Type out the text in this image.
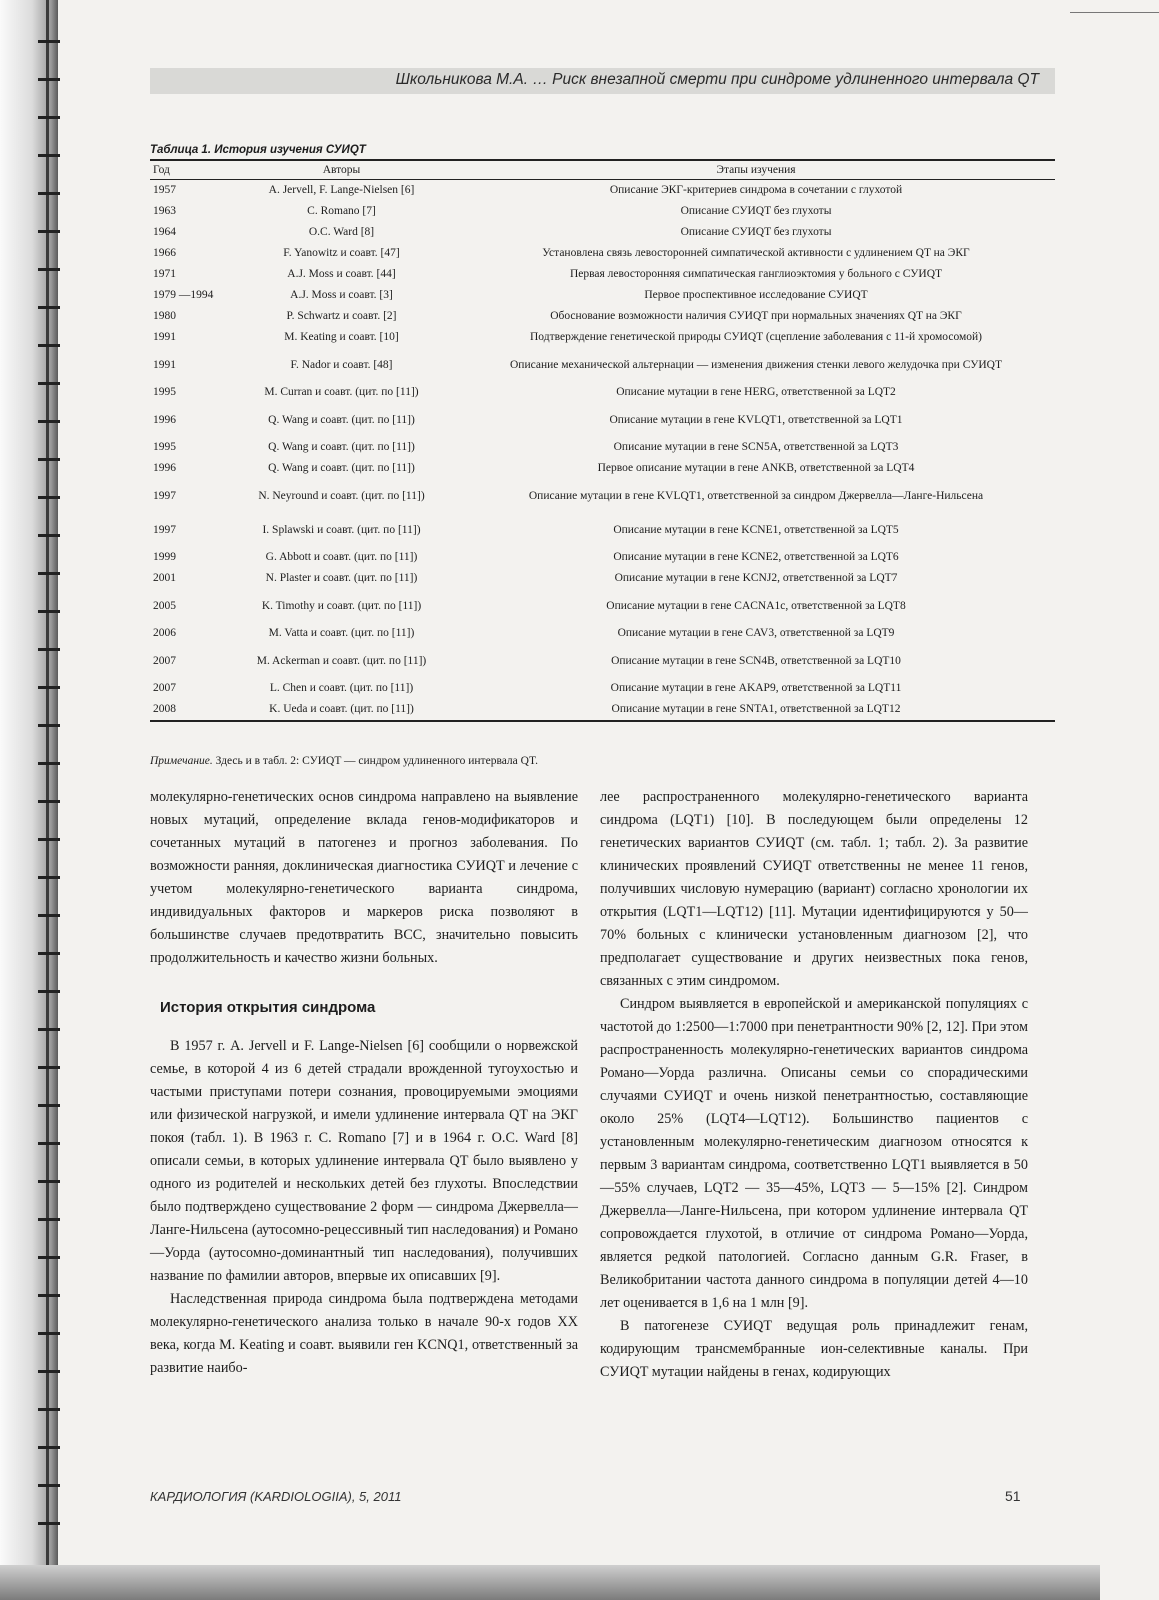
Школьникова М.А. … Риск внезапной смерти при синдроме удлиненного интервала QT
Таблица 1. История изучения СУИQT
Год	Авторы	Этапы изучения
1957	A. Jervell, F. Lange-Nielsen [6]	Описание ЭКГ-критериев синдрома в сочетании с глухотой
1963	C. Romano [7]	Описание СУИQT без глухоты
1964	O.C. Ward [8]	Описание СУИQT без глухоты
1966	F. Yanowitz и соавт. [47]	Установлена связь левосторонней симпатической активности с удлинением QT на ЭКГ
1971	A.J. Moss и соавт. [44]	Первая левосторонняя симпатическая ганглиоэктомия у больного с СУИQT
1979 —1994	A.J. Moss и соавт. [3]	Первое проспективное исследование СУИQT
1980	P. Schwartz и соавт. [2]	Обоснование возможности наличия СУИQT при нормальных значениях QT на ЭКГ
1991	M. Keating и соавт. [10]	Подтверждение генетической природы СУИQT (сцепление заболевания с 11-й хромосомой)
1991	F. Nador и соавт. [48]	Описание механической альтернации — изменения движения стенки левого желудочка при СУИQT
1995	M. Curran и соавт. (цит. по [11])	Описание мутации в гене HERG, ответственной за LQT2
1996	Q. Wang и соавт. (цит. по [11])	Описание мутации в гене KVLQT1, ответственной за LQT1
1995	Q. Wang и соавт. (цит. по [11])	Описание мутации в гене SCN5A, ответственной за LQT3
1996	Q. Wang и соавт. (цит. по [11])	Первое описание мутации в гене ANKB, ответственной за LQT4
1997	N. Neyround и соавт. (цит. по [11])	Описание мутации в гене KVLQT1, ответственной за синдром Джервелла—Ланге-Нильсена
1997	I. Splawski и соавт. (цит. по [11])	Описание мутации в гене KCNE1, ответственной за LQT5
1999	G. Abbott и соавт. (цит. по [11])	Описание мутации в гене KCNE2, ответственной за LQT6
2001	N. Plaster и соавт. (цит. по [11])	Описание мутации в гене KCNJ2, ответственной за LQT7
2005	K. Timothy и соавт. (цит. по [11])	Описание мутации в гене CACNA1c, ответственной за LQT8
2006	M. Vatta и соавт. (цит. по [11])	Описание мутации в гене CAV3, ответственной за LQT9
2007	M. Ackerman и соавт. (цит. по [11])	Описание мутации в гене SCN4B, ответственной за LQT10
2007	L. Chen и соавт. (цит. по [11])	Описание мутации в гене AKAP9, ответственной за LQT11
2008	K. Ueda и соавт. (цит. по [11])	Описание мутации в гене SNTA1, ответственной за LQT12
Примечание. Здесь и в табл. 2: СУИQT — синдром удлиненного интервала QT.

молекулярно-генетических основ синдрома направлено на выявление новых мутаций, определение вклада генов-модификаторов и сочетанных мутаций в патогенез и прогноз заболевания. По возможности ранняя, доклиническая диагностика СУИQT и лечение с учетом молекулярно-генетического варианта синдрома, индивидуальных факторов и маркеров риска позволяют в большинстве случаев предотвратить ВСС, значительно повысить продолжительность и качество жизни больных.

История открытия синдрома

В 1957 г. A. Jervell и F. Lange-Nielsen [6] сообщили о норвежской семье, в которой 4 из 6 детей страдали врожденной тугоухостью и частыми приступами потери сознания, провоцируемыми эмоциями или физической нагрузкой, и имели удлинение интервала QT на ЭКГ покоя (табл. 1). В 1963 г. C. Romano [7] и в 1964 г. O.C. Ward [8] описали семьи, в которых удлинение интервала QT было выявлено у одного из родителей и нескольких детей без глухоты. Впоследствии было подтверждено существование 2 форм — синдрома Джервелла—Ланге-Нильсена (аутосомно-рецессивный тип наследования) и Романо—Уорда (аутосомно-доминантный тип наследования), получивших название по фамилии авторов, впервые их описавших [9].

Наследственная природа синдрома была подтверждена методами молекулярно-генетического анализа только в начале 90-х годов XX века, когда M. Keating и соавт. выявили ген KCNQ1, ответственный за развитие наибо-

лее распространенного молекулярно-генетического варианта синдрома (LQT1) [10]. В последующем были определены 12 генетических вариантов СУИQT (см. табл. 1; табл. 2). За развитие клинических проявлений СУИQT ответственны не менее 11 генов, получивших числовую нумерацию (вариант) согласно хронологии их открытия (LQT1—LQT12) [11]. Мутации идентифицируются у 50—70% больных с клинически установленным диагнозом [2], что предполагает существование и других неизвестных пока генов, связанных с этим синдромом.

Синдром выявляется в европейской и американской популяциях с частотой до 1:2500—1:7000 при пенетрантности 90% [2, 12]. При этом распространенность молекулярно-генетических вариантов синдрома Романо—Уорда различна. Описаны семьи со спорадическими случаями СУИQT и очень низкой пенетрантностью, составляющие около 25% (LQT4—LQT12). Большинство пациентов с установленным молекулярно-генетическим диагнозом относятся к первым 3 вариантам синдрома, соответственно LQT1 выявляется в 50—55% случаев, LQT2 — 35—45%, LQT3 — 5—15% [2]. Синдром Джервелла—Ланге-Нильсена, при котором удлинение интервала QT сопровождается глухотой, в отличие от синдрома Романо—Уорда, является редкой патологией. Согласно данным G.R. Fraser, в Великобритании частота данного синдрома в популяции детей 4—10 лет оценивается в 1,6 на 1 млн [9].

В патогенезе СУИQT ведущая роль принадлежит генам, кодирующим трансмембранные ион-селективные каналы. При СУИQT мутации найдены в генах, кодирующих

КАРДИОЛОГИЯ (KARDIOLOGIIA), 5, 2011	51
